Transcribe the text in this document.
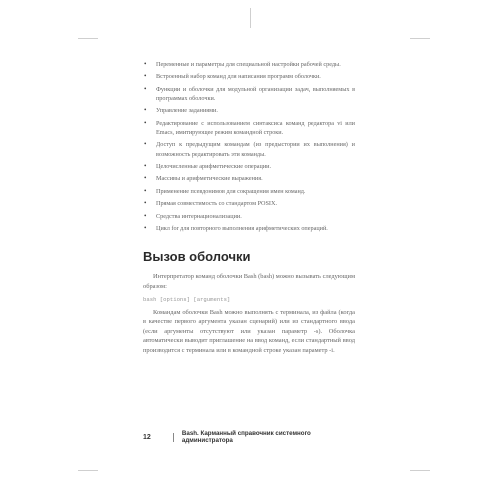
• Переменные и параметры для специальной настройки рабочей среды.
• Встроенный набор команд для написания программ оболочки.
• Функции и оболочки для модульной организации задач, выполняемых в программах оболочки.
• Управление заданиями.
• Редактирование с использованием синтаксиса команд редактора vi или Emacs, имитирующее режим командной строки.
• Доступ к предыдущим командам (из предыстории их выполнения) и возможность редактировать эти команды.
• Целочисленные арифметические операции.
• Массивы и арифметические выражения.
• Применение псевдонимов для сокращения имен команд.
• Прямая совместимость со стандартом POSIX.
• Средства интернационализации.
• Цикл for для повторного выполнения арифметических операций.
Вызов оболочки

Интерпретатор команд оболочки Bash (bash) можно вызывать следующим образом:

bash [options] [arguments]

Командам оболочки Bash можно выполнять с терминала, из файла (когда в качестве первого аргумента указан сценарий) или из стандартного ввода (если аргументы отсутствуют или указан параметр -s). Оболочка автоматически выводит приглашение на ввод команд, если стандартный ввод производится с терминала или в командной строке указан параметр -i.

12	Bash. Карманный справочник системного администратора
